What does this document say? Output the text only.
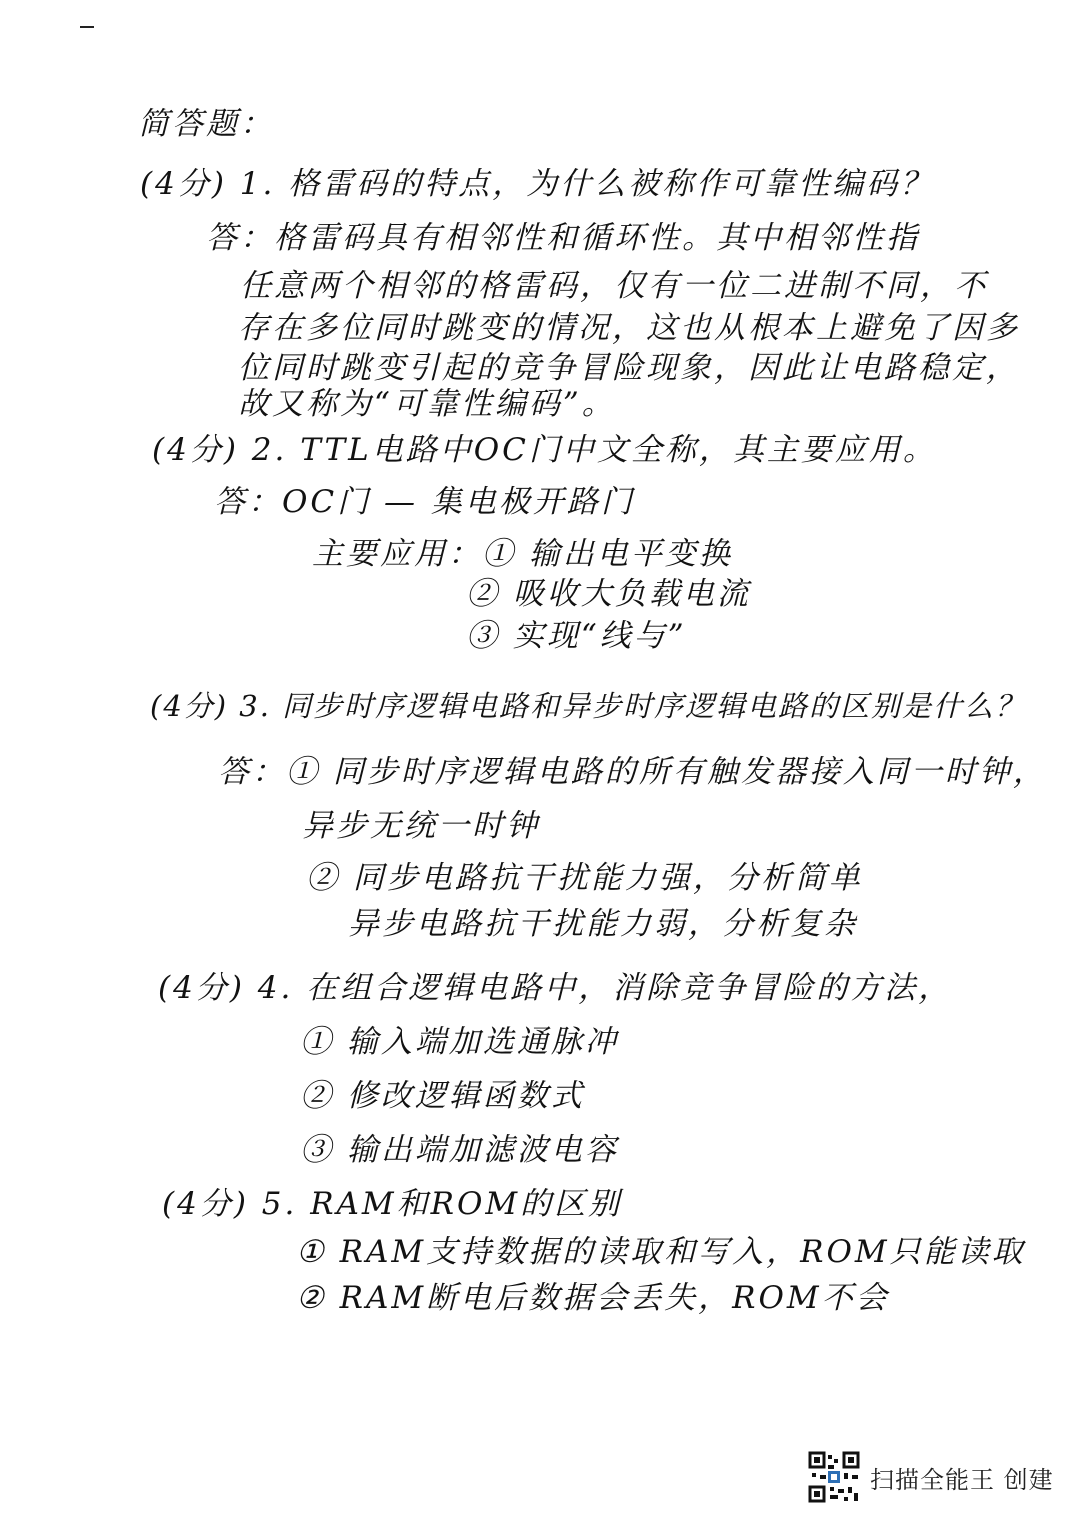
简答题：
(4分) 1. 格雷码的特点，为什么被称作可靠性编码？
答：格雷码具有相邻性和循环性。其中相邻性指
任意两个相邻的格雷码，仅有一位二进制不同，不
存在多位同时跳变的情况，这也从根本上避免了因多
位同时跳变引起的竞争冒险现象，因此让电路稳定，
故又称为“可靠性编码”。
(4分) 2. TTL电路中OC门中文全称，其主要应用。
答：OC门 — 集电极开路门
主要应用：① 输出电平变换
② 吸收大负载电流
③ 实现“线与”
(4分) 3. 同步时序逻辑电路和异步时序逻辑电路的区别是什么？
答：① 同步时序逻辑电路的所有触发器接入同一时钟，
异步无统一时钟
② 同步电路抗干扰能力强，分析简单
异步电路抗干扰能力弱，分析复杂
(4分) 4. 在组合逻辑电路中，消除竞争冒险的方法，
① 输入端加选通脉冲
② 修改逻辑函数式
③ 输出端加滤波电容
(4分) 5. RAM和ROM的区别
① RAM支持数据的读取和写入，ROM只能读取
② RAM断电后数据会丢失，ROM不会
扫描全能王 创建
